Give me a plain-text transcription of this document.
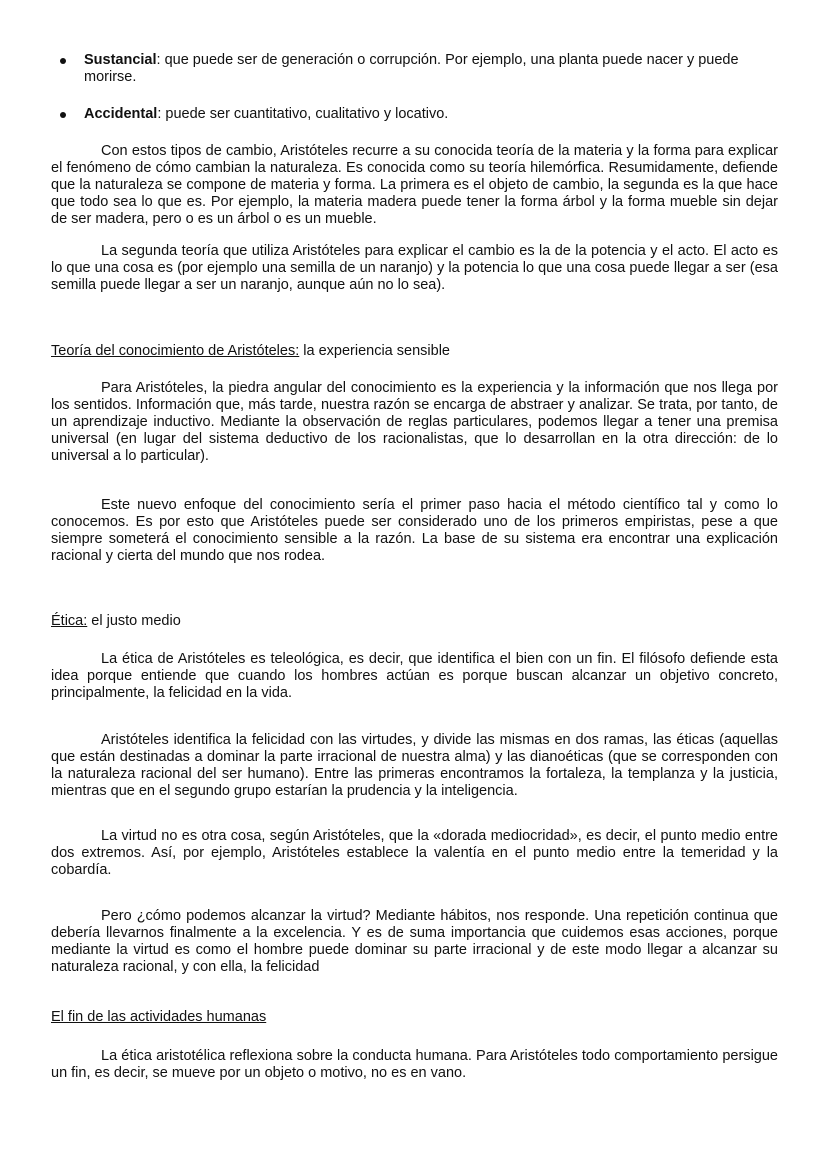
Sustancial: que puede ser de generación o corrupción. Por ejemplo, una planta puede nacer y puede morirse.
Accidental: puede ser cuantitativo, cualitativo y locativo.

Con estos tipos de cambio, Aristóteles recurre a su conocida teoría de la materia y la forma para explicar el fenómeno de cómo cambian la naturaleza. Es conocida como su teoría hilemórfica. Resumidamente, defiende que la naturaleza se compone de materia y forma. La primera es el objeto de cambio, la segunda es la que hace que todo sea lo que es. Por ejemplo, la materia madera puede tener la forma árbol y la forma mueble sin dejar de ser madera, pero o es un árbol o es un mueble.

La segunda teoría que utiliza Aristóteles para explicar el cambio es la de la potencia y el acto. El acto es lo que una cosa es (por ejemplo una semilla de un naranjo) y la potencia lo que una cosa puede llegar a ser (esa semilla puede llegar a ser un naranjo, aunque aún no lo sea).

Teoría del conocimiento de Aristóteles: la experiencia sensible

Para Aristóteles, la piedra angular del conocimiento es la experiencia y la información que nos llega por los sentidos. Información que, más tarde, nuestra razón se encarga de abstraer y analizar. Se trata, por tanto, de un aprendizaje inductivo. Mediante la observación de reglas particulares, podemos llegar a tener una premisa universal (en lugar del sistema deductivo de los racionalistas, que lo desarrollan en la otra dirección: de lo universal a lo particular).

Este nuevo enfoque del conocimiento sería el primer paso hacia el método científico tal y como lo conocemos. Es por esto que Aristóteles puede ser considerado uno de los primeros empiristas, pese a que siempre someterá el conocimiento sensible a la razón. La base de su sistema era encontrar una explicación racional y cierta del mundo que nos rodea.

Ética: el justo medio

La ética de Aristóteles es teleológica, es decir, que identifica el bien con un fin. El filósofo defiende esta idea porque entiende que cuando los hombres actúan es porque buscan alcanzar un objetivo concreto, principalmente, la felicidad en la vida.

Aristóteles identifica la felicidad con las virtudes, y divide las mismas en dos ramas, las éticas (aquellas que están destinadas a dominar la parte irracional de nuestra alma) y las dianoéticas (que se corresponden con la naturaleza racional del ser humano). Entre las primeras encontramos la fortaleza, la templanza y la justicia, mientras que en el segundo grupo estarían la prudencia y la inteligencia.

La virtud no es otra cosa, según Aristóteles, que la «dorada mediocridad», es decir, el punto medio entre dos extremos. Así, por ejemplo, Aristóteles establece la valentía en el punto medio entre la temeridad y la cobardía.

Pero ¿cómo podemos alcanzar la virtud? Mediante hábitos, nos responde. Una repetición continua que debería llevarnos finalmente a la excelencia. Y es de suma importancia que cuidemos esas acciones, porque mediante la virtud es como el hombre puede dominar su parte irracional y de este modo llegar a alcanzar su naturaleza racional, y con ella, la felicidad

El fin de las actividades humanas

La ética aristotélica reflexiona sobre la conducta humana. Para Aristóteles todo comportamiento persigue un fin, es decir, se mueve por un objeto o motivo, no es en vano.
